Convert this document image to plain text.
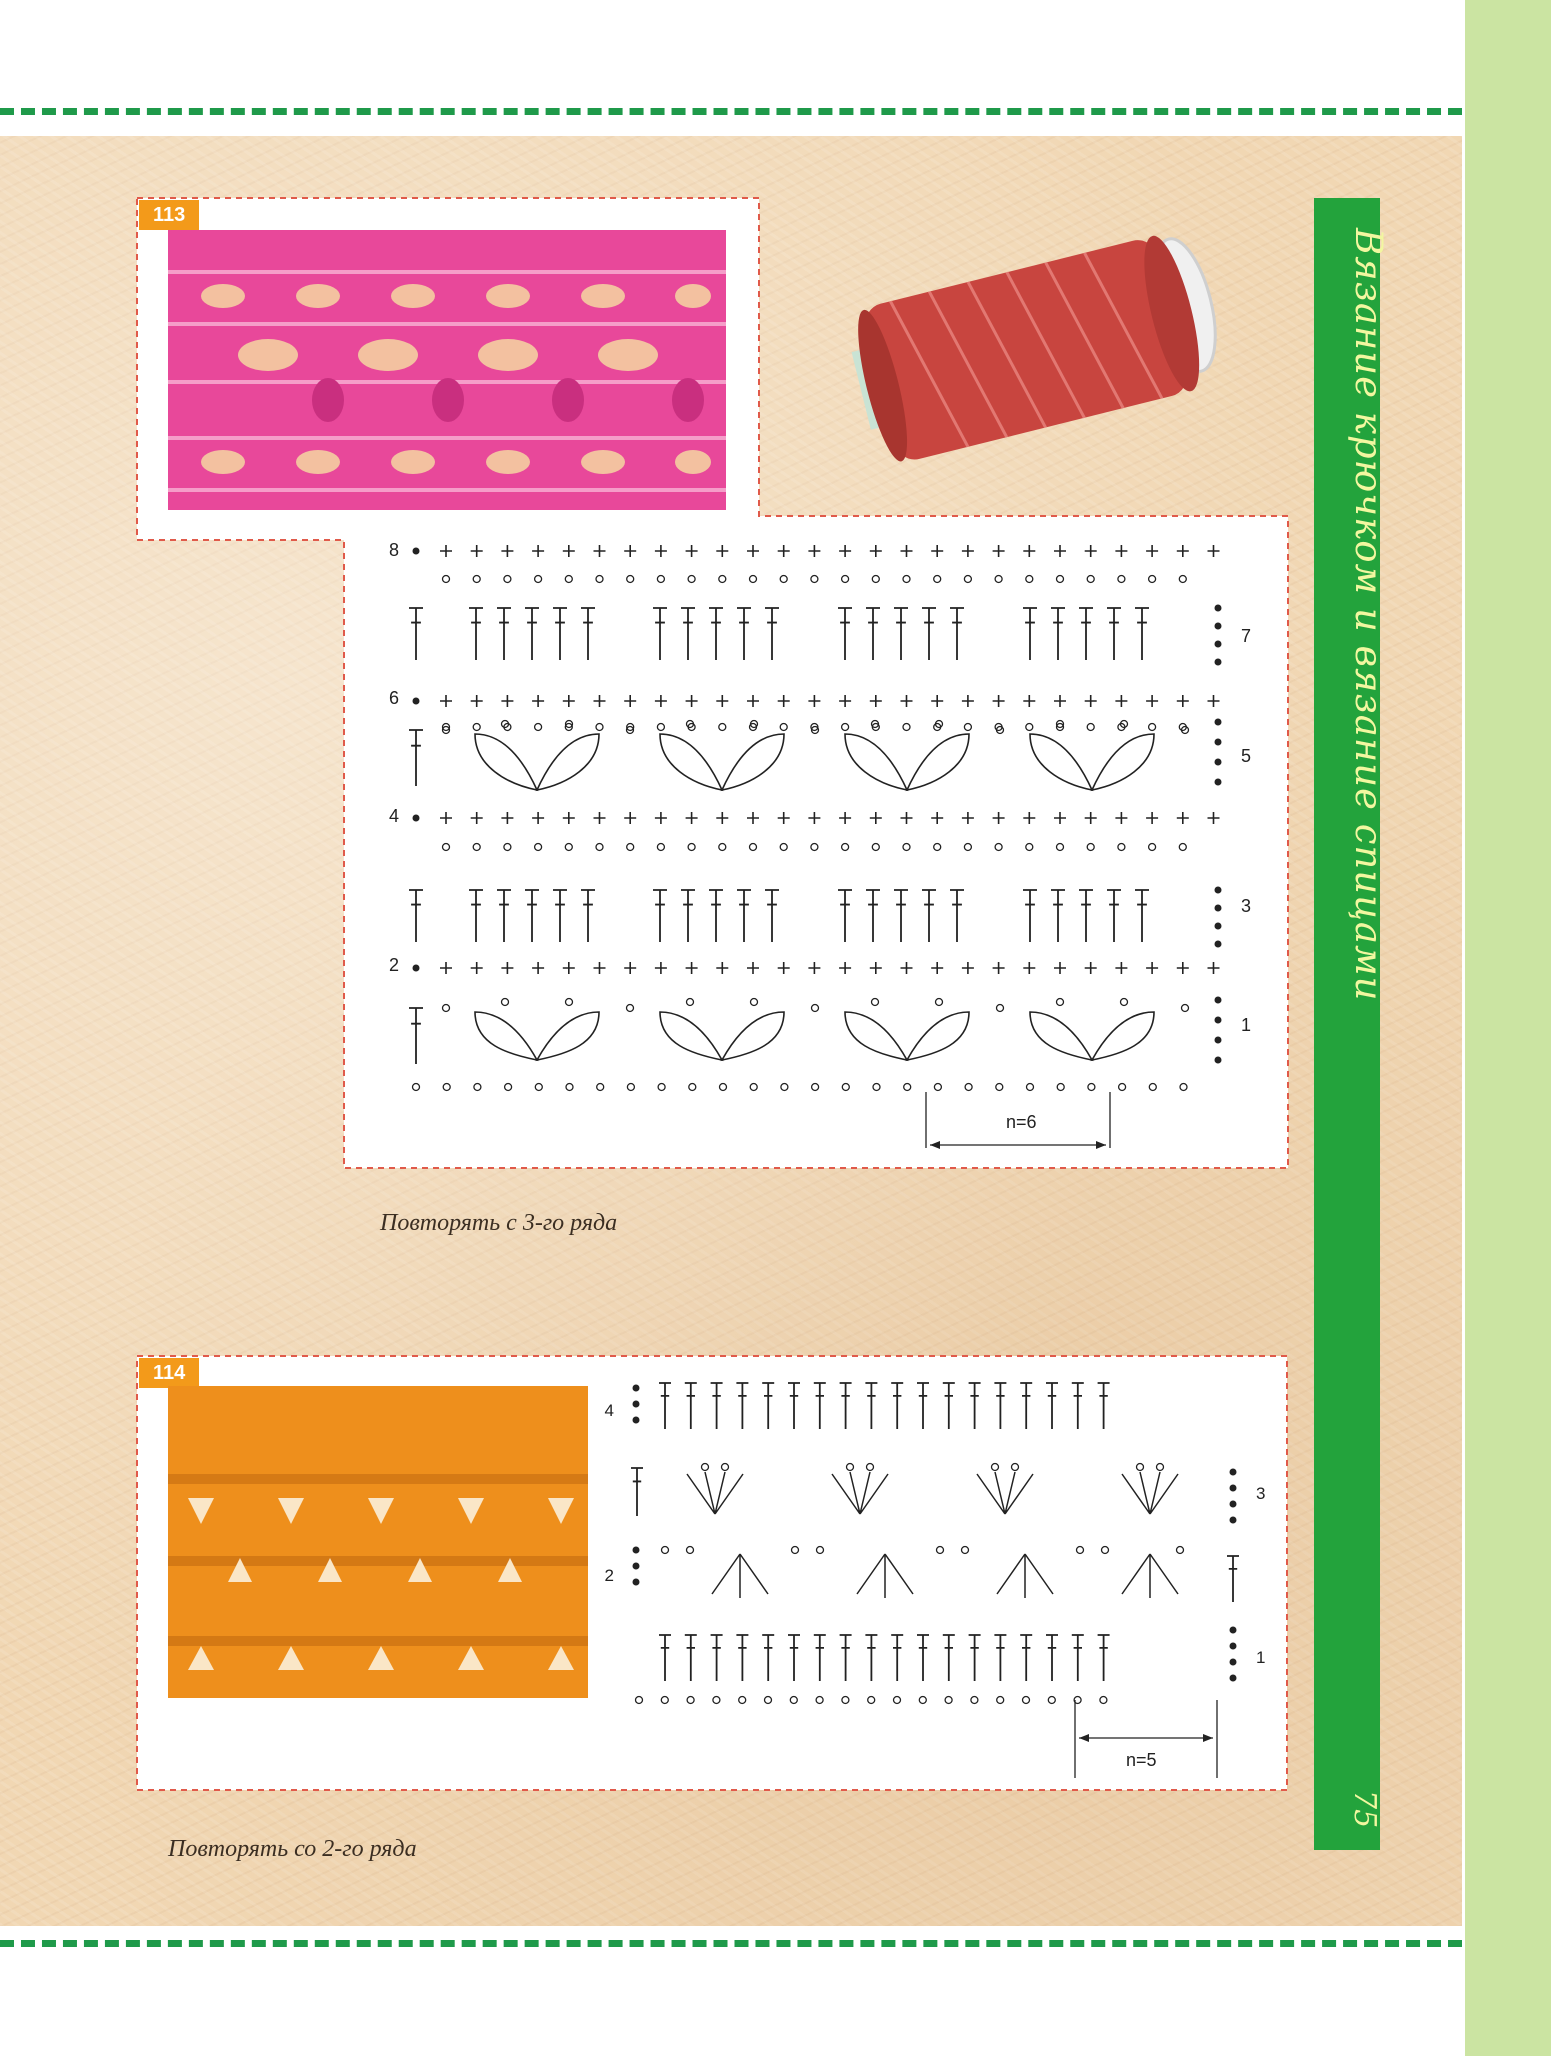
Вязание крючком и вязание спицами
75
113
8
6
4
2
7
5
3
1
n=6
Повторять с 3-го ряда
114
4
2
3
1
n=5
Повторять со 2-го ряда
